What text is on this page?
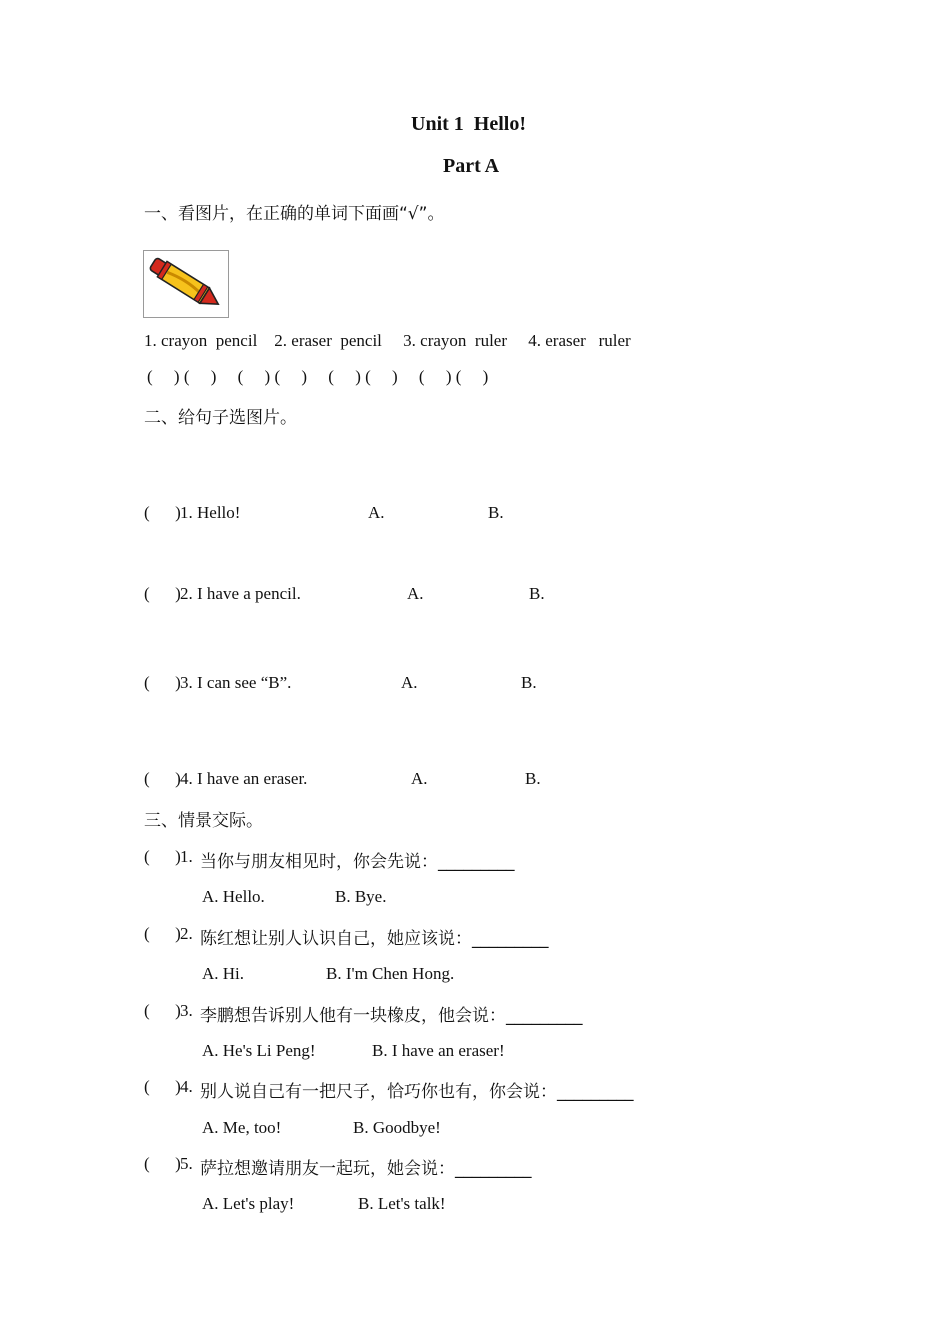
Unit 1  Hello!
Part A
一、看图片，在正确的单词下面画“√”。
1. crayon  pencil    2. eraser  pencil     3. crayon  ruler     4. eraser   ruler
(     ) (     )     (     ) (     )     (     ) (     )     (     ) (     )
二、给句子选图片。
(      ) 1. Hello!	A.	B.
(      ) 2. I have a pencil.	A.	B.
(      ) 3. I can see “B”.	A.	B.
(      ) 4. I have an eraser.	A.	B.
三、情景交际。
(      ) 1. 当你与朋友相见时，你会先说：_________
A. Hello.	B. Bye.
(      ) 2. 陈红想让别人认识自己，她应该说：_________
A. Hi.	B. I'm Chen Hong.
(      ) 3. 李鹏想告诉别人他有一块橡皮，他会说：_________
A. He's Li Peng!	B. I have an eraser!
(      ) 4. 别人说自己有一把尺子，恰巧你也有，你会说：_________
A. Me, too!	B. Goodbye!
(      ) 5. 萨拉想邀请朋友一起玩，她会说：_________
A. Let's play!	B. Let's talk!
